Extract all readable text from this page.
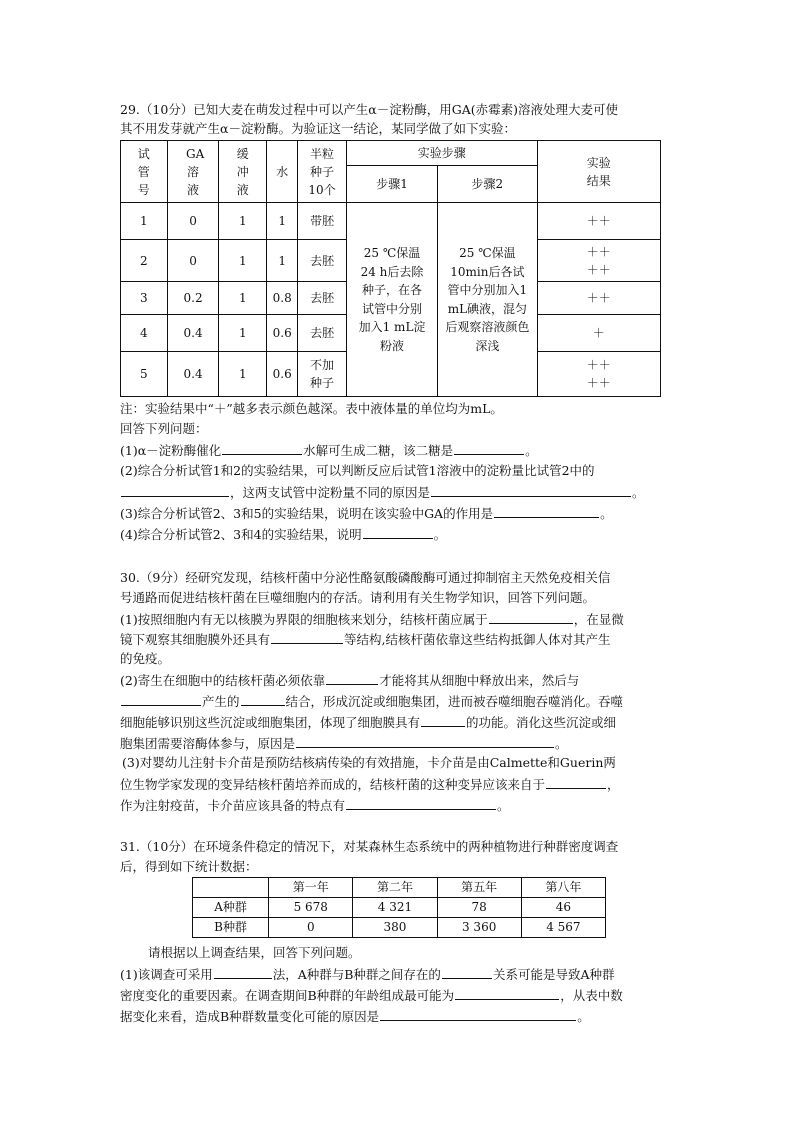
29.（10分）已知大麦在萌发过程中可以产生α－淀粉酶，用GA(赤霉素)溶液处理大麦可使
其不用发芽就产生α－淀粉酶。为验证这一结论，某同学做了如下实验：
试管号	GA溶液	缓冲液	水	半粒种子10个	实验步骤		实验结果

					步骤1	步骤2	

1	0	1	1	带胚	25 ℃保温24 h后去除种子，在各试管中分别加入1 mL淀粉液	25 ℃保温10min后各试管中分别加入1 mL碘液，混匀后观察溶液颜色深浅	＋＋
2	0	1	1	去胚			＋＋＋＋

3	0.2	1	0.8	去胚			＋＋
4	0.4	1	0.6	去胚			＋
5	0.4	1	0.6	不加种子			＋＋＋＋
注：实验结果中“＋”越多表示颜色越深。表中液体量的单位均为mL。
回答下列问题：
(1)α－淀粉酶催化	水解可生成二糖，该二糖是	。
(2)综合分析试管1和2的实验结果，可以判断反应后试管1溶液中的淀粉量比试管2中的
，这两支试管中淀粉量不同的原因是	。
(3)综合分析试管2、3和5的实验结果，说明在该实验中GA的作用是	。
(4)综合分析试管2、3和4的实验结果，说明	。
30.（9分）经研究发现，结核杆菌中分泌性酪氨酸磷酸酶可通过抑制宿主天然免疫相关信
号通路而促进结核杆菌在巨噬细胞内的存活。请利用有关生物学知识，回答下列问题。
(1)按照细胞内有无以核膜为界限的细胞核来划分，结核杆菌应属于	，在显微
镜下观察其细胞膜外还具有	等结构,结核杆菌依靠这些结构抵御人体对其产生
的免疫。
(2)寄生在细胞中的结核杆菌必须依靠	才能将其从细胞中释放出来，然后与
产生的	结合，形成沉淀或细胞集团，进而被吞噬细胞吞噬消化。吞噬
细胞能够识别这些沉淀或细胞集团，体现了细胞膜具有	的功能。消化这些沉淀或细
胞集团需要溶酶体参与，原因是	。
(3)对婴幼儿注射卡介苗是预防结核病传染的有效措施，卡介苗是由Calmette和Guerin两
位生物学家发现的变异结核杆菌培养而成的，结核杆菌的这种变异应该来自于	，
作为注射疫苗，卡介苗应该具备的特点有	。
31.（10分）在环境条件稳定的情况下，对某森林生态系统中的两种植物进行种群密度调查
后，得到如下统计数据：
	第一年	第二年	第五年	第八年
A种群	5 678	4 321	78	46
B种群	0	380	3 360	4 567
请根据以上调查结果，回答下列问题。
(1)该调查可采用	法，A种群与B种群之间存在的	关系可能是导致A种群
密度变化的重要因素。在调查期间B种群的年龄组成最可能为	，从表中数
据变化来看，造成B种群数量变化可能的原因是	。
